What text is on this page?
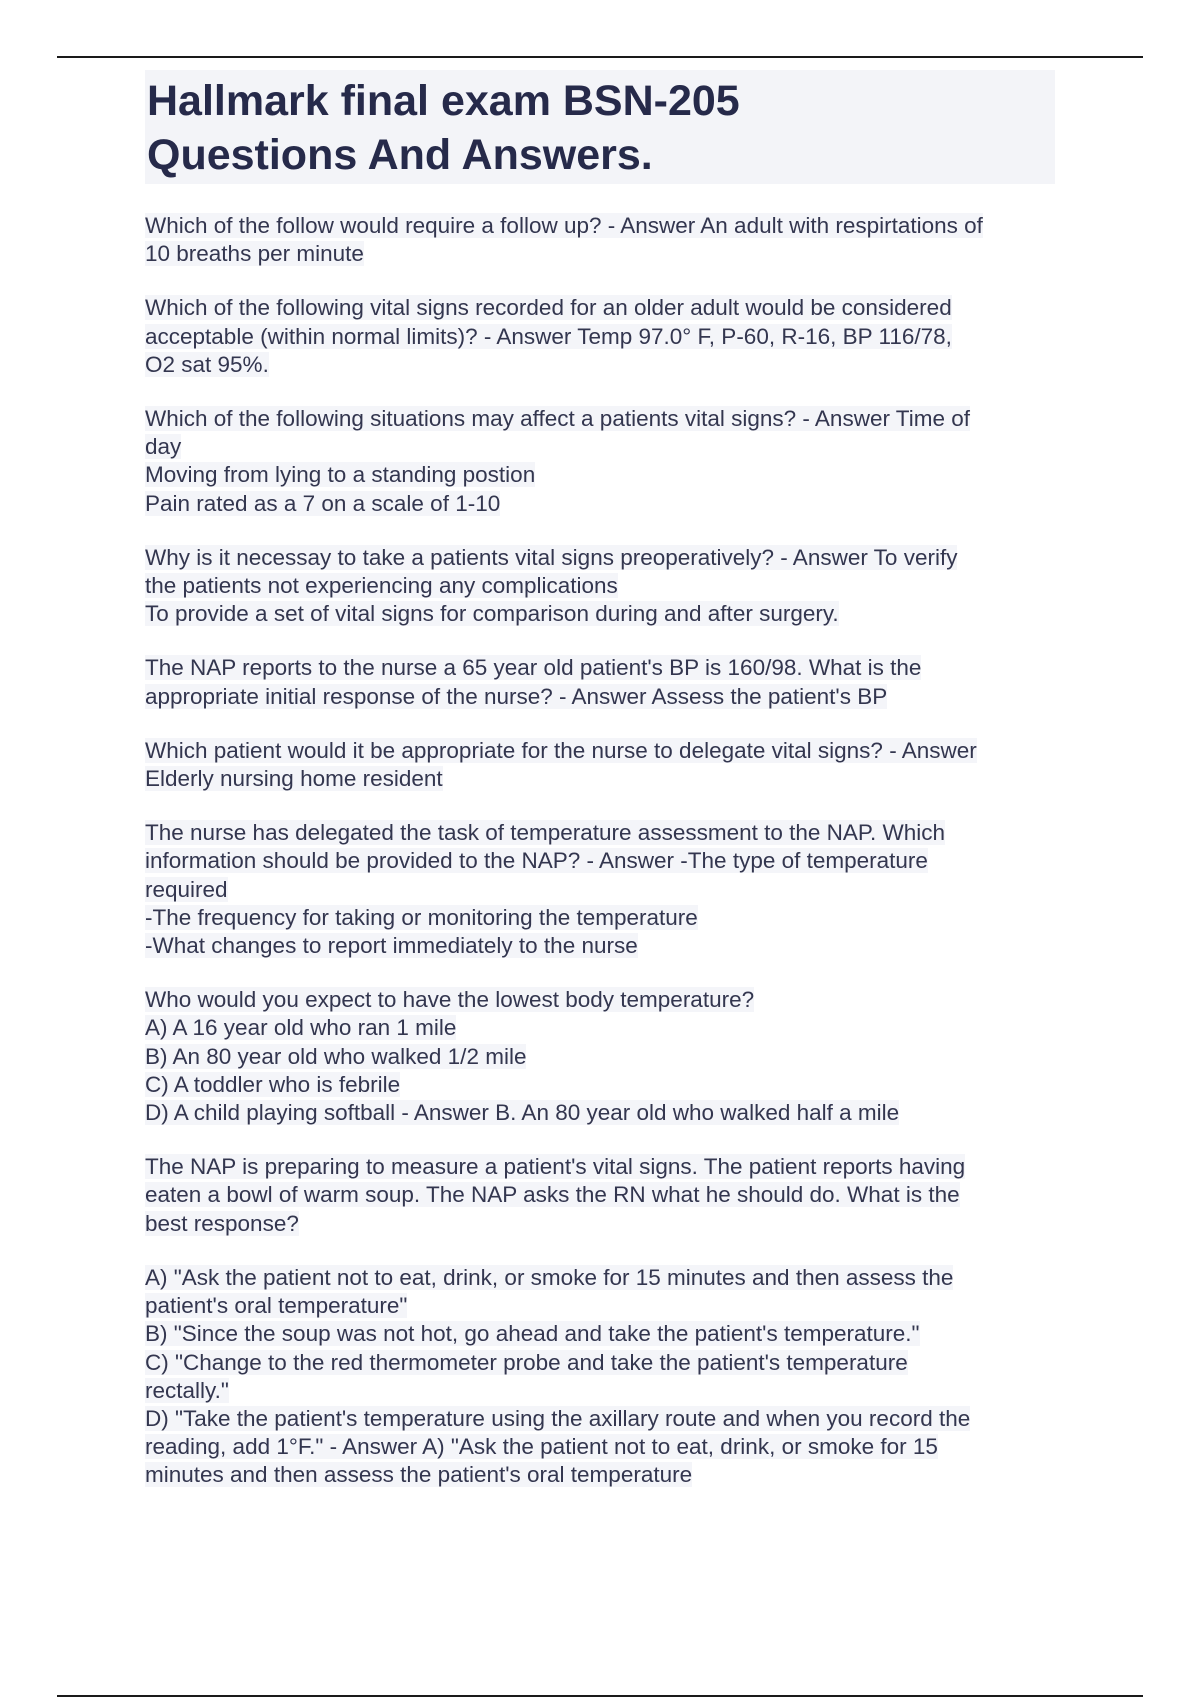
Hallmark final exam BSN-205
Questions And Answers.
Which of the follow would require a follow up? - Answer An adult with respirtations of
10 breaths per minute
Which of the following vital signs recorded for an older adult would be considered
acceptable (within normal limits)? - Answer Temp 97.0° F, P-60, R-16, BP 116/78,
O2 sat 95%.
Which of the following situations may affect a patients vital signs? - Answer Time of
day
Moving from lying to a standing postion
Pain rated as a 7 on a scale of 1-10
Why is it necessay to take a patients vital signs preoperatively? - Answer To verify
the patients not experiencing any complications
To provide a set of vital signs for comparison during and after surgery.
The NAP reports to the nurse a 65 year old patient's BP is 160/98. What is the
appropriate initial response of the nurse? - Answer Assess the patient's BP
Which patient would it be appropriate for the nurse to delegate vital signs? - Answer
Elderly nursing home resident
The nurse has delegated the task of temperature assessment to the NAP. Which
information should be provided to the NAP? - Answer -The type of temperature
required
-The frequency for taking or monitoring the temperature
-What changes to report immediately to the nurse
Who would you expect to have the lowest body temperature?
A) A 16 year old who ran 1 mile
B) An 80 year old who walked 1/2 mile
C) A toddler who is febrile
D) A child playing softball - Answer B. An 80 year old who walked half a mile
The NAP is preparing to measure a patient's vital signs. The patient reports having
eaten a bowl of warm soup. The NAP asks the RN what he should do. What is the
best response?
A) "Ask the patient not to eat, drink, or smoke for 15 minutes and then assess the
patient's oral temperature"
B) "Since the soup was not hot, go ahead and take the patient's temperature."
C) "Change to the red thermometer probe and take the patient's temperature
rectally."
D) "Take the patient's temperature using the axillary route and when you record the
reading, add 1°F." - Answer A) "Ask the patient not to eat, drink, or smoke for 15
minutes and then assess the patient's oral temperature
